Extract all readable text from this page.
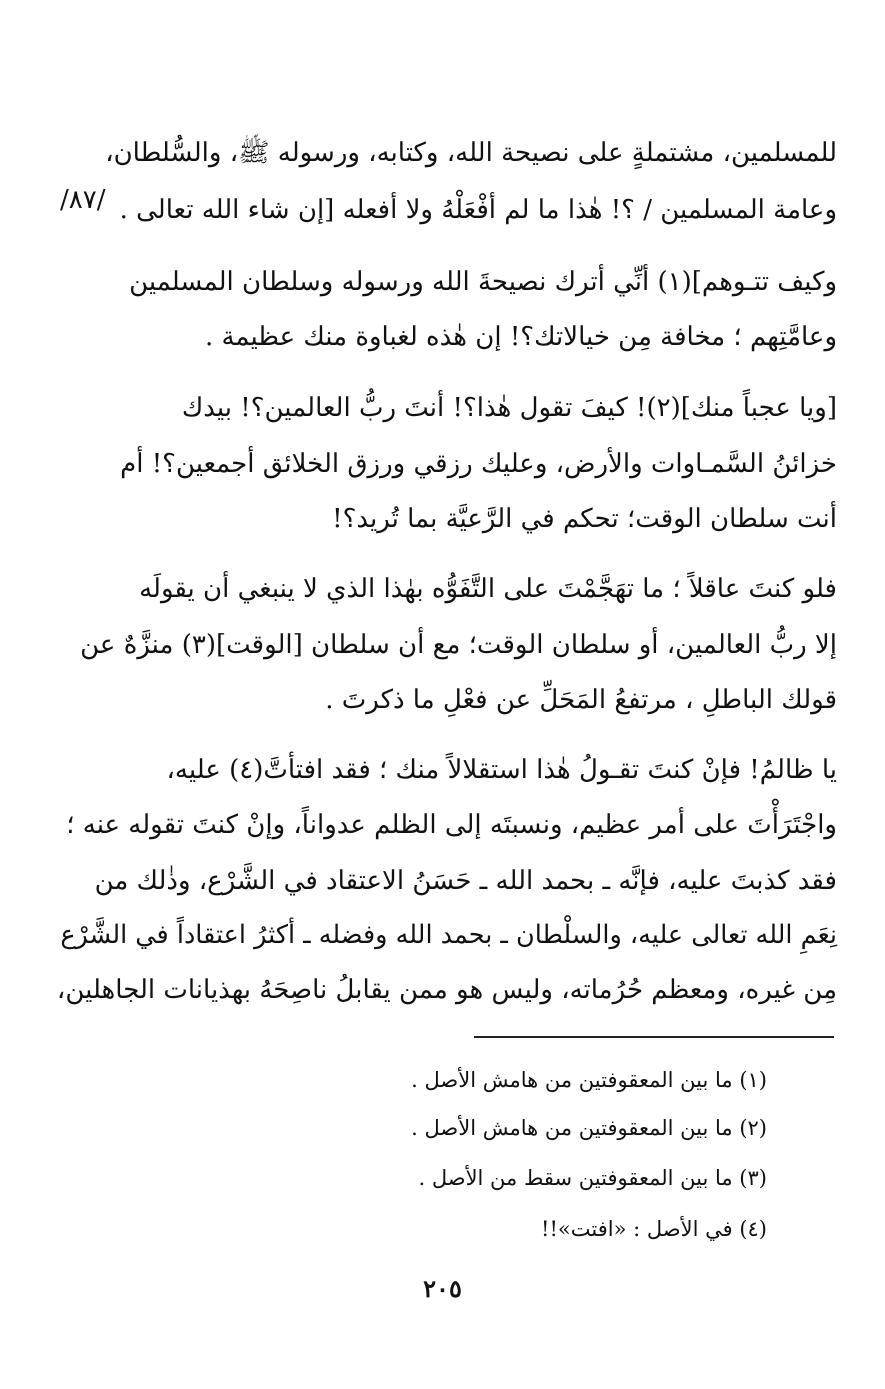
/٨٧/
للمسلمين، مشتملةٍ على نصيحة الله، وكتابه، ورسوله ﷺ، والسُّلطان،
وعامة المسلمين / ؟! هٰذا ما لم أفْعَلْهُ ولا أفعله [إن شاء الله تعالى .
وكيف تتـوهم](١) أنِّي أترك نصيحةَ الله ورسوله وسلطان المسلمين
وعامَّتِهم ؛ مخافة مِن خيالاتك؟! إن هٰذه لغباوة منك عظيمة .
[ويا عجباً منك](٢)! كيفَ تقول هٰذا؟! أنتَ ربُّ العالمين؟! بيدك
خزائنُ السَّمـاوات والأرض، وعليك رزقي ورزق الخلائق أجمعين؟! أم
أنت سلطان الوقت؛ تحكم في الرَّعيَّة بما تُريد؟!
فلو كنتَ عاقلاً ؛ ما تهَجَّمْتَ على التَّفَوُّه بهٰذا الذي لا ينبغي أن يقولَه
إلا ربُّ العالمين، أو سلطان الوقت؛ مع أن سلطان [الوقت](٣) منزَّهٌ عن
قولك الباطلِ ، مرتفعُ المَحَلِّ عن فعْلِ ما ذكرتَ .
يا ظالمُ! فإنْ كنتَ تقـولُ هٰذا استقلالاً منك ؛ فقد افتأتَّ(٤) عليه،
واجْتَرَأْتَ على أمر عظيم، ونسبتَه إلى الظلم عدواناً، وإنْ كنتَ تقوله عنه ؛
فقد كذبتَ عليه، فإنَّه ـ بحمد الله ـ حَسَنُ الاعتقاد في الشَّرْع، وذٰلك من
نِعَمِ الله تعالى عليه، والسلْطان ـ بحمد الله وفضله ـ أكثرُ اعتقاداً في الشَّرْع
مِن غيره، ومعظم حُرُماته، وليس هو ممن يقابلُ ناصِحَهُ بهذيانات الجاهلين،
(١) ما بين المعقوفتين من هامش الأصل .
(٢) ما بين المعقوفتين من هامش الأصل .
(٣) ما بين المعقوفتين سقط من الأصل .
(٤) في الأصل : «افتت»!!
٢٠٥
